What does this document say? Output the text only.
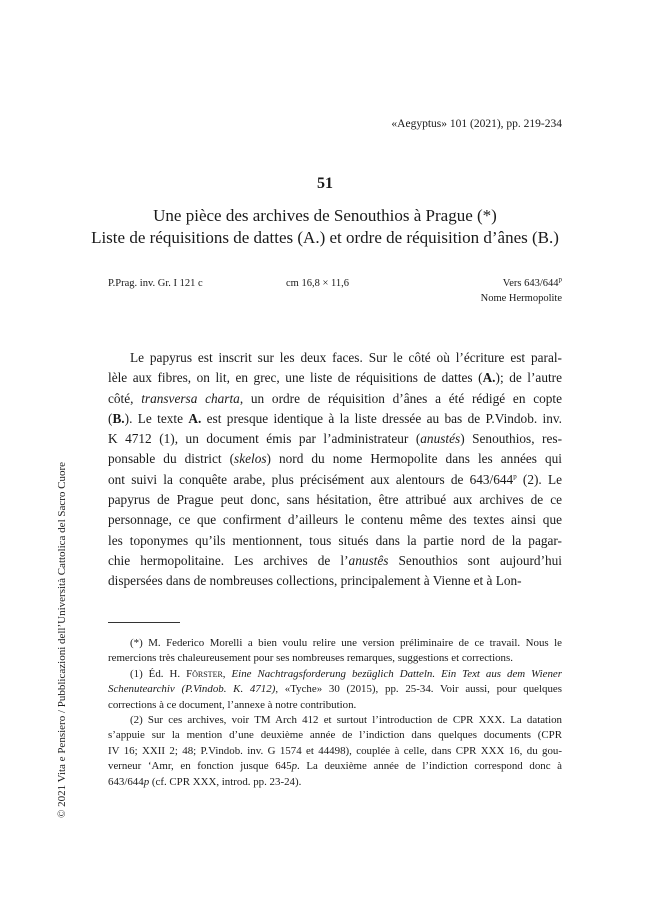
«Aegyptus» 101 (2021), pp. 219-234
51
Une pièce des archives de Senouthios à Prague (*)
Liste de réquisitions de dattes (A.) et ordre de réquisition d’ânes (B.)
P.Prag. inv. Gr. I 121 c	cm 16,8 × 11,6	Vers 643/644$^p$
Nome Hermopolite
Le papyrus est inscrit sur les deux faces. Sur le côté où l’écriture est paral-
lèle aux fibres, on lit, en grec, une liste de réquisitions de dattes (A.); de l’autre
côté, transversa charta, un ordre de réquisition d’ânes a été rédigé en copte
(B.). Le texte A. est presque identique à la liste dressée au bas de P.Vindob. inv.
K 4712 (1), un document émis par l’administrateur (anustés) Senouthios, res-
ponsable du district (skelos) nord du nome Hermopolite dans les années qui
ont suivi la conquête arabe, plus précisément aux alentours de 643/644$^p$ (2). Le
papyrus de Prague peut donc, sans hésitation, être attribué aux archives de ce
personnage, ce que confirment d’ailleurs le contenu même des textes ainsi que
les toponymes qu’ils mentionnent, tous situés dans la partie nord de la pagar-
chie hermopolitaine. Les archives de l’anustês Senouthios sont aujourd’hui
dispersées dans de nombreuses collections, principalement à Vienne et à Lon-
(*) M. Federico Morelli a bien voulu relire une version préliminaire de ce travail. Nous le
remercions très chaleureusement pour ses nombreuses remarques, suggestions et corrections.
(1) Éd. H. Förster, Eine Nachtragsforderung bezüglich Datteln. Ein Text aus dem Wiener
Schenutearchiv (P.Vindob. K. 4712), «Tyche» 30 (2015), pp. 25-34. Voir aussi, pour quelques
corrections à ce document, l’annexe à notre contribution.
(2) Sur ces archives, voir TM Arch 412 et surtout l’introduction de CPR XXX. La datation
s’appuie sur la mention d’une deuxième année de l’indiction dans quelques documents (CPR
IV 16; XXII 2; 48; P.Vindob. inv. G 1574 et 44498), couplée à celle, dans CPR XXX 16, du gou-
verneur ‘Amr, en fonction jusque 645p. La deuxième année de l’indiction correspond donc à
643/644p (cf. CPR XXX, introd. pp. 23-24).
© 2021 Vita e Pensiero / Pubblicazioni dell’Università Cattolica del Sacro Cuore
